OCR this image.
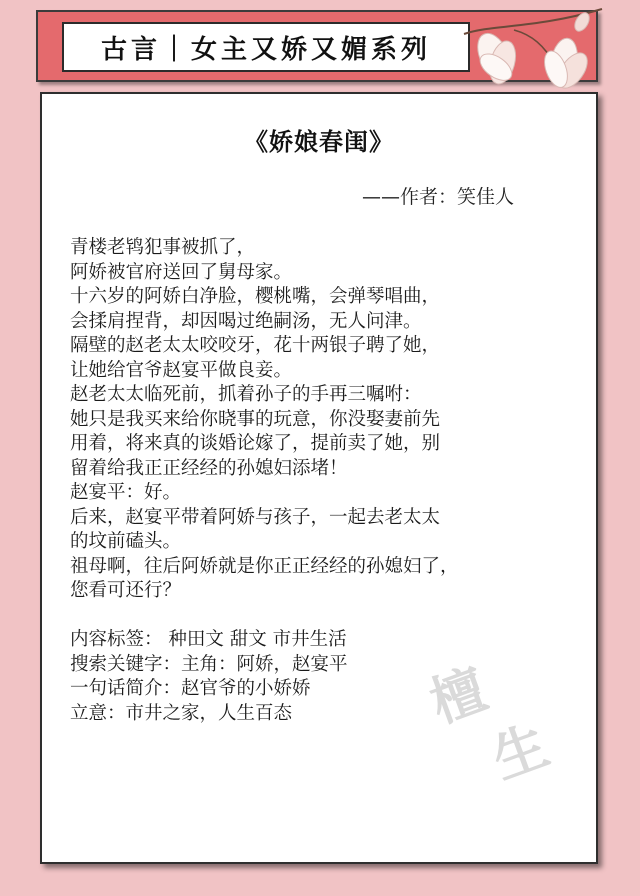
古言｜女主又娇又媚系列
《娇娘春闺》
——作者：笑佳人
青楼老鸨犯事被抓了，
阿娇被官府送回了舅母家。
十六岁的阿娇白净脸，樱桃嘴，会弹琴唱曲，
会揉肩捏背，却因喝过绝嗣汤，无人问津。
隔壁的赵老太太咬咬牙，花十两银子聘了她，
让她给官爷赵宴平做良妾。
赵老太太临死前，抓着孙子的手再三嘱咐：
她只是我买来给你晓事的玩意，你没娶妻前先
用着，将来真的谈婚论嫁了，提前卖了她，别
留着给我正正经经的孙媳妇添堵！
赵宴平：好。
后来，赵宴平带着阿娇与孩子，一起去老太太
的坟前磕头。
祖母啊，往后阿娇就是你正正经经的孙媳妇了，
您看可还行？
内容标签： 种田文 甜文 市井生活
搜索关键字：主角：阿娇，赵宴平
一句话简介：赵官爷的小娇娇
立意：市井之家，人生百态	檀
生
